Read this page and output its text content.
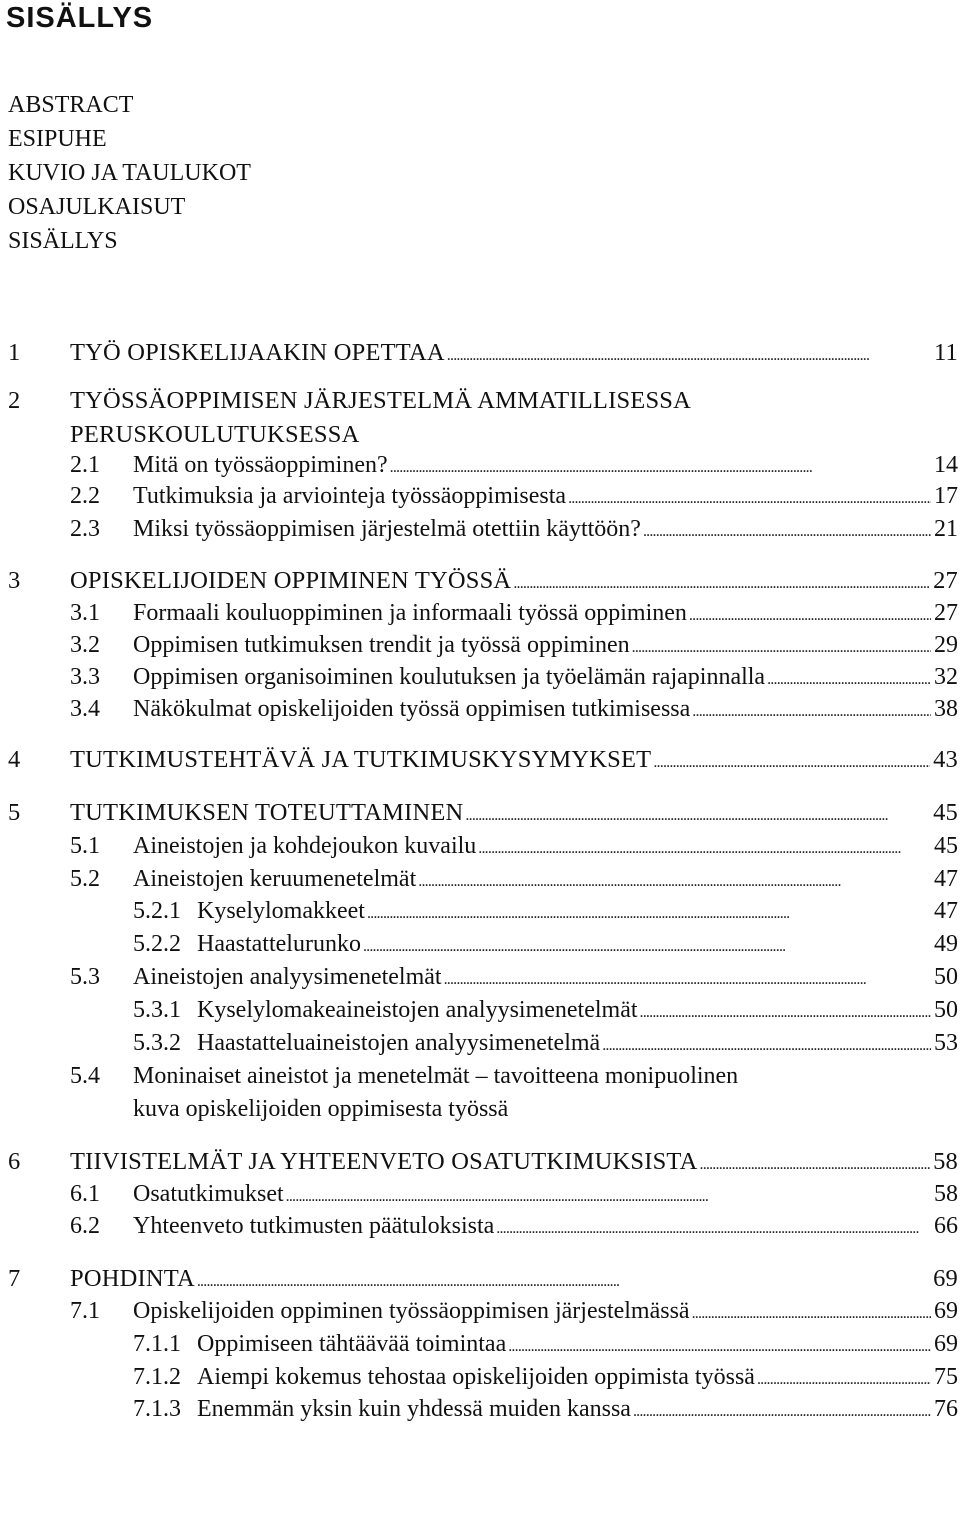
SISÄLLYS
ABSTRACT
ESIPUHE
KUVIO JA TAULUKOT
OSAJULKAISUT
SISÄLLYS
1 TYÖ OPISKELIJAAKIN OPETTAA . . .	11
2 TYÖSSÄOPPIMISEN JÄRJESTELMÄ AMMATILLISESSA
PERUSKOULUTUKSESSA
2.1 Mitä on työssäoppiminen? . . .	14
2.2 Tutkimuksia ja arviointeja työssäoppimisesta . . .	17
2.3 Miksi työssäoppimisen järjestelmä otettiin käyttöön? . . .	21
3 OPISKELIJOIDEN OPPIMINEN TYÖSSÄ . . .	27
3.1 Formaali kouluoppiminen ja informaali työssä oppiminen . . .	27
3.2 Oppimisen tutkimuksen trendit ja työssä oppiminen . . .	29
3.3 Oppimisen organisoiminen koulutuksen ja työelämän rajapinnalla . . .	32
3.4 Näkökulmat opiskelijoiden työssä oppimisen tutkimisessa . . .	38
4 TUTKIMUSTEHTÄVÄ JA TUTKIMUSKYSYMYKSET . . .	43
5 TUTKIMUKSEN TOTEUTTAMINEN . . .	45
5.1 Aineistojen ja kohdejoukon kuvailu . . .	45
5.2 Aineistojen keruumenetelmät . . .	47
5.2.1 Kyselylomakkeet . . .	47
5.2.2 Haastattelurunko . . .	49
5.3 Aineistojen analyysimenetelmät . . .	50
5.3.1 Kyselylomakeaineistojen analyysimenetelmät . . .	50
5.3.2 Haastatteluaineistojen analyysimenetelmä . . .	53
5.4 Moninaiset aineistot ja menetelmät – tavoitteena monipuolinen
kuva opiskelijoiden oppimisesta työssä
6 TIIVISTELMÄT JA YHTEENVETO OSATUTKIMUKSISTA . . .	58
6.1 Osatutkimukset . . .	58
6.2 Yhteenveto tutkimusten päätuloksista . . .	66
7 POHDINTA . . .	69
7.1 Opiskelijoiden oppiminen työssäoppimisen järjestelmässä . . .	69
7.1.1 Oppimiseen tähtäävää toimintaa . . .	69
7.1.2 Aiempi kokemus tehostaa opiskelijoiden oppimista työssä . . .	75
7.1.3 Enemmän yksin kuin yhdessä muiden kanssa . . .	76
